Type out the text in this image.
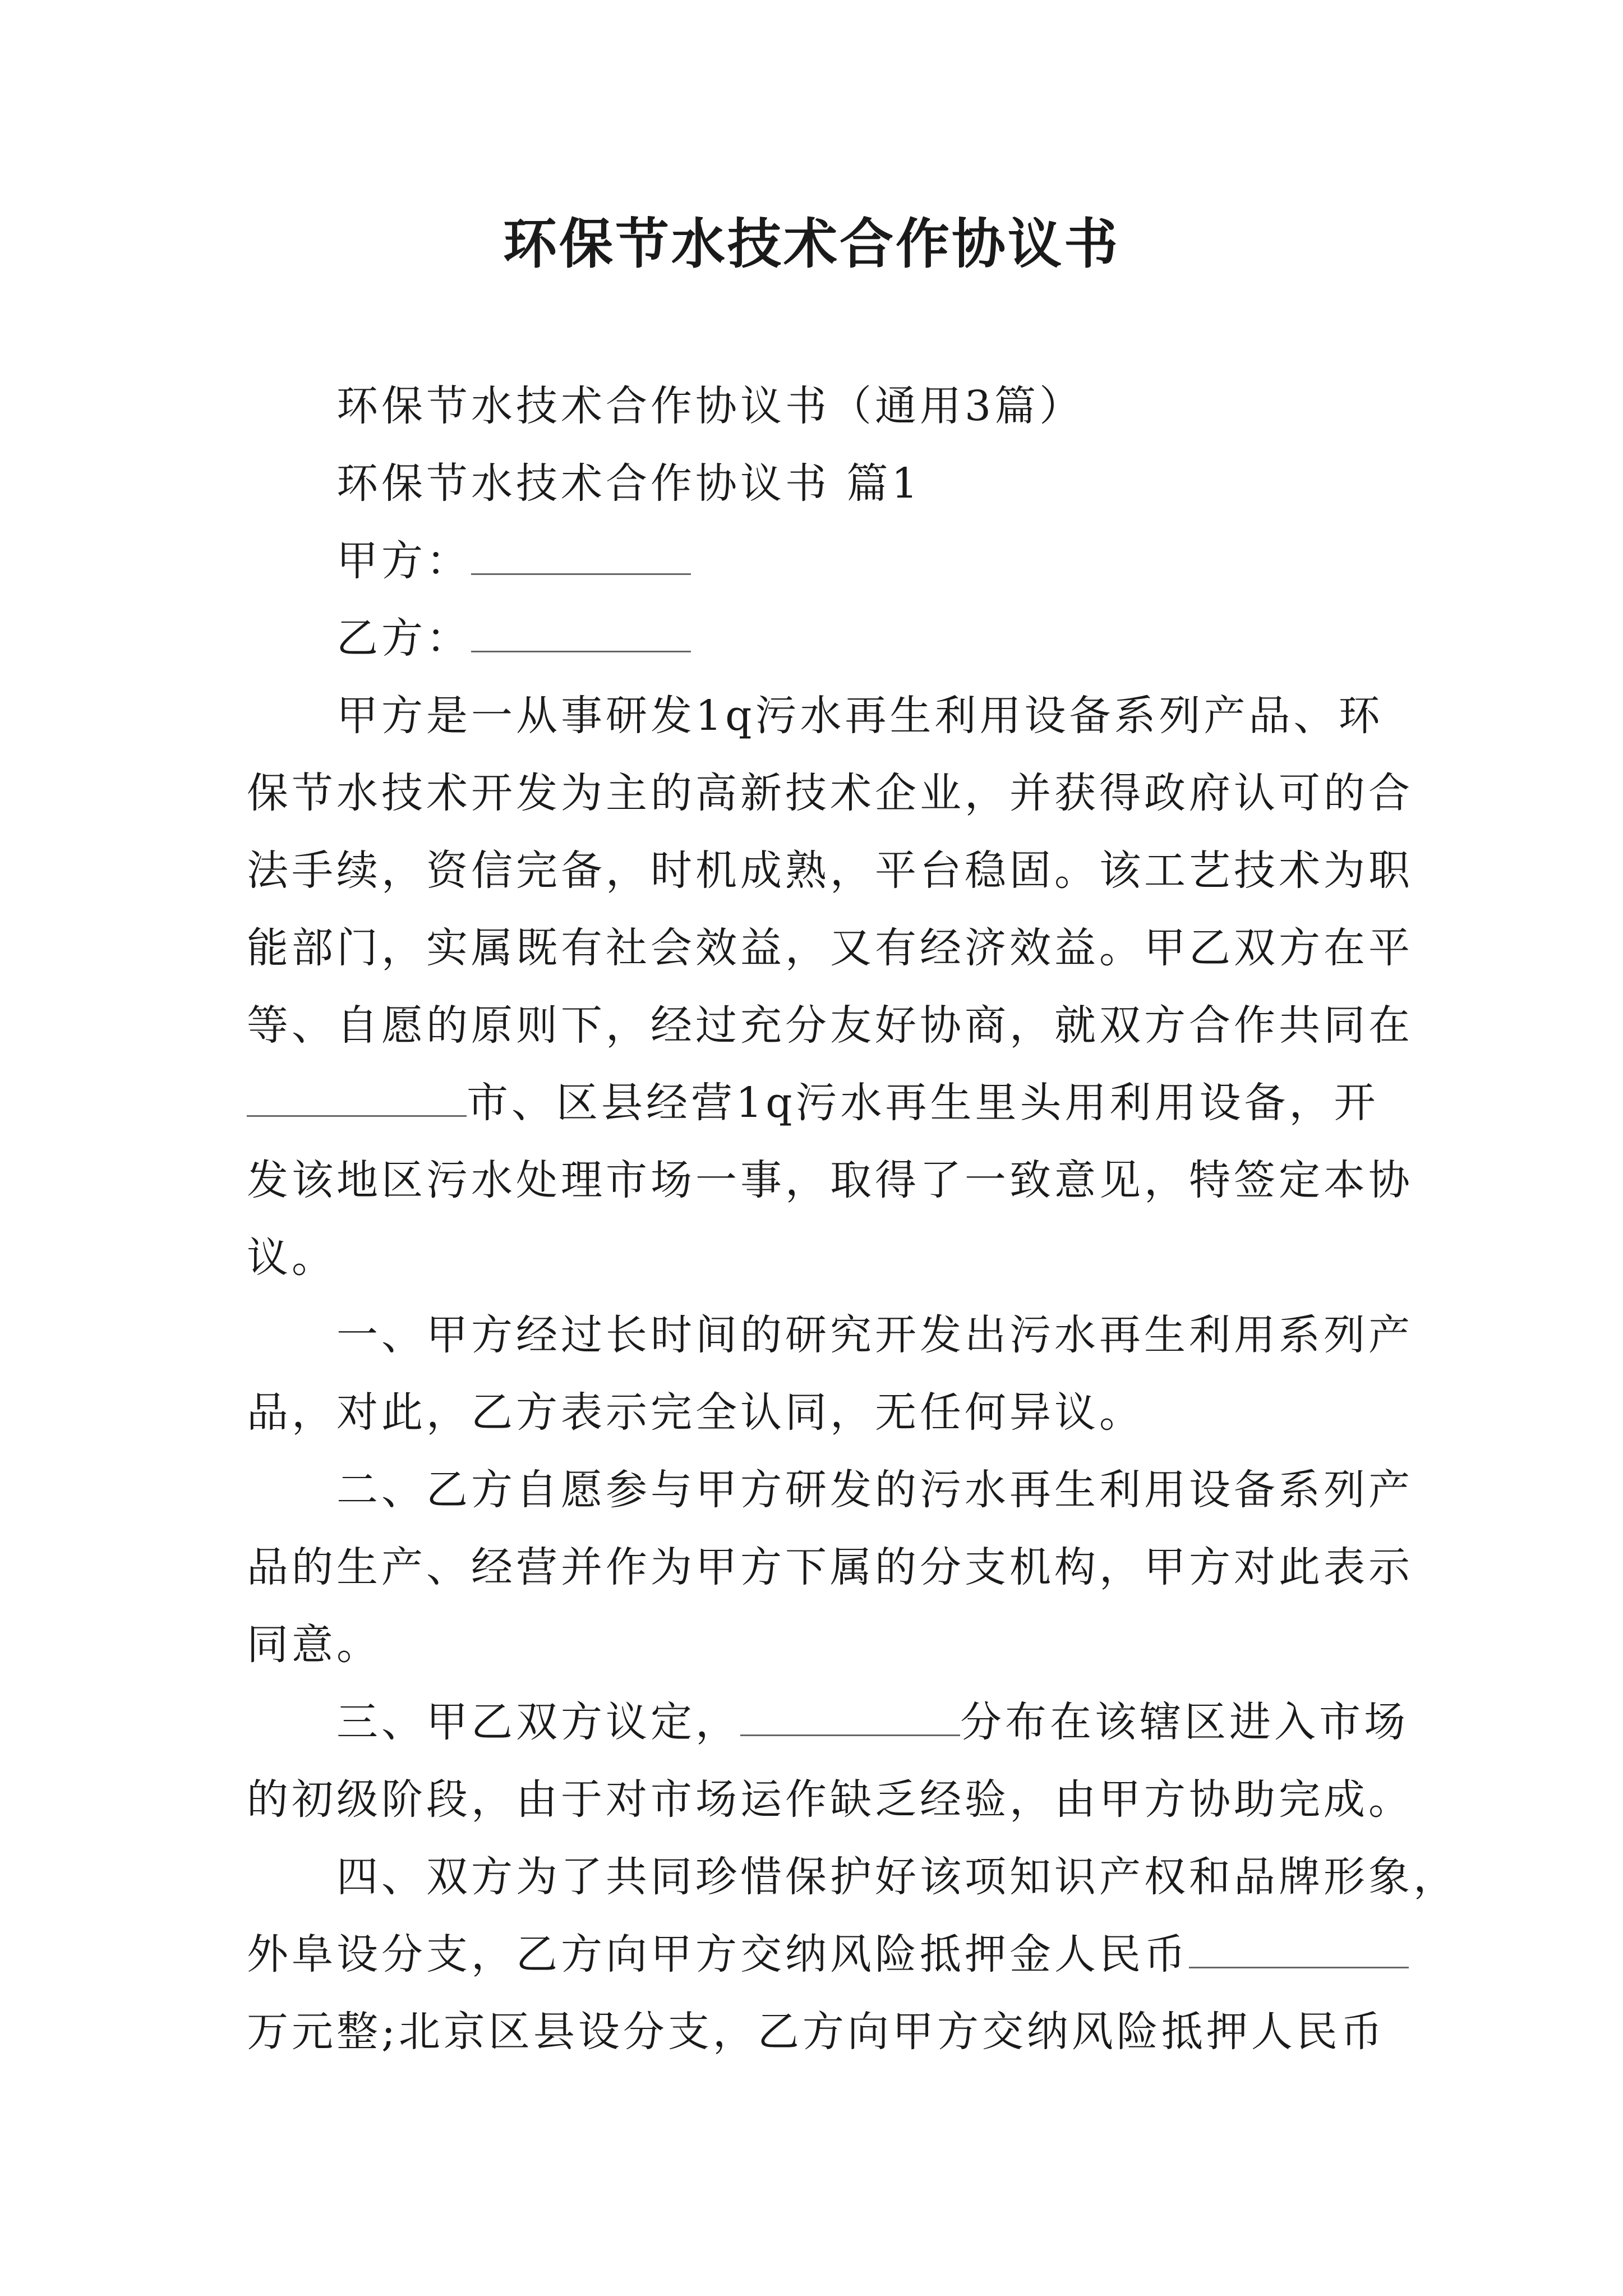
环保节水技术合作协议书
环保节水技术合作协议书（通用3篇）
环保节水技术合作协议书 篇1
甲方：
乙方：
甲方是一从事研发1q污水再生利用设备系列产品、环
保节水技术开发为主的高新技术企业，并获得政府认可的合
法手续，资信完备，时机成熟，平台稳固。该工艺技术为职
能部门，实属既有社会效益，又有经济效益。甲乙双方在平
等、自愿的原则下，经过充分友好协商，就双方合作共同在
市、区县经营1q污水再生里头用利用设备，开
发该地区污水处理市场一事，取得了一致意见，特签定本协
议。
一、甲方经过长时间的研究开发出污水再生利用系列产
品，对此，乙方表示完全认同，无任何异议。
二、乙方自愿参与甲方研发的污水再生利用设备系列产
品的生产、经营并作为甲方下属的分支机构，甲方对此表示
同意。
三、甲乙双方议定，	分布在该辖区进入市场
的初级阶段，由于对市场运作缺乏经验，由甲方协助完成。
四、双方为了共同珍惜保护好该项知识产权和品牌形象，
外阜设分支，乙方向甲方交纳风险抵押金人民币
万元整;北京区县设分支，乙方向甲方交纳风险抵押人民币
